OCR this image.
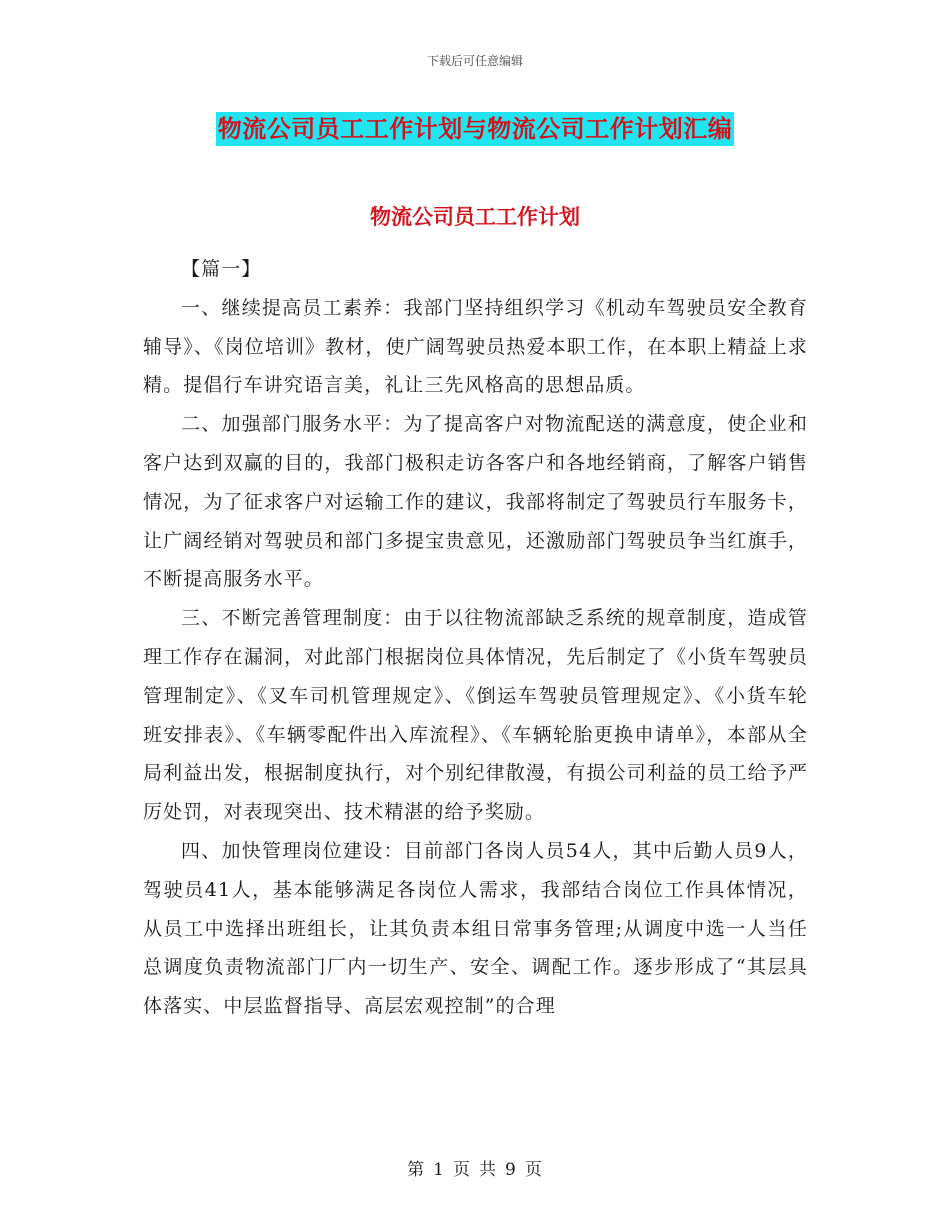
下载后可任意编辑
物流公司员工工作计划与物流公司工作计划汇编
物流公司员工工作计划

【篇一】

一、继续提高员工素养：我部门坚持组织学习《机动车驾驶员安全教育辅导》、《岗位培训》教材，使广阔驾驶员热爱本职工作，在本职上精益上求精。提倡行车讲究语言美，礼让三先风格高的思想品质。

二、加强部门服务水平：为了提高客户对物流配送的满意度，使企业和客户达到双赢的目的，我部门极积走访各客户和各地经销商，了解客户销售情况，为了征求客户对运输工作的建议，我部将制定了驾驶员行车服务卡，让广阔经销对驾驶员和部门多提宝贵意见，还激励部门驾驶员争当红旗手，不断提高服务水平。

三、不断完善管理制度：由于以往物流部缺乏系统的规章制度，造成管理工作存在漏洞，对此部门根据岗位具体情况，先后制定了《小货车驾驶员管理制定》、《叉车司机管理规定》、《倒运车驾驶员管理规定》、《小货车轮班安排表》、《车辆零配件出入库流程》、《车辆轮胎更换申请单》，本部从全局利益出发，根据制度执行，对个别纪律散漫，有损公司利益的员工给予严厉处罚，对表现突出、技术精湛的给予奖励。

四、加快管理岗位建设：目前部门各岗人员54人，其中后勤人员9人，驾驶员41人，基本能够满足各岗位人需求，我部结合岗位工作具体情况，从员工中选择出班组长，让其负责本组日常事务管理;从调度中选一人当任总调度负责物流部门厂内一切生产、安全、调配工作。逐步形成了“其层具体落实、中层监督指导、高层宏观控制”的合理

第 1 页 共 9 页
